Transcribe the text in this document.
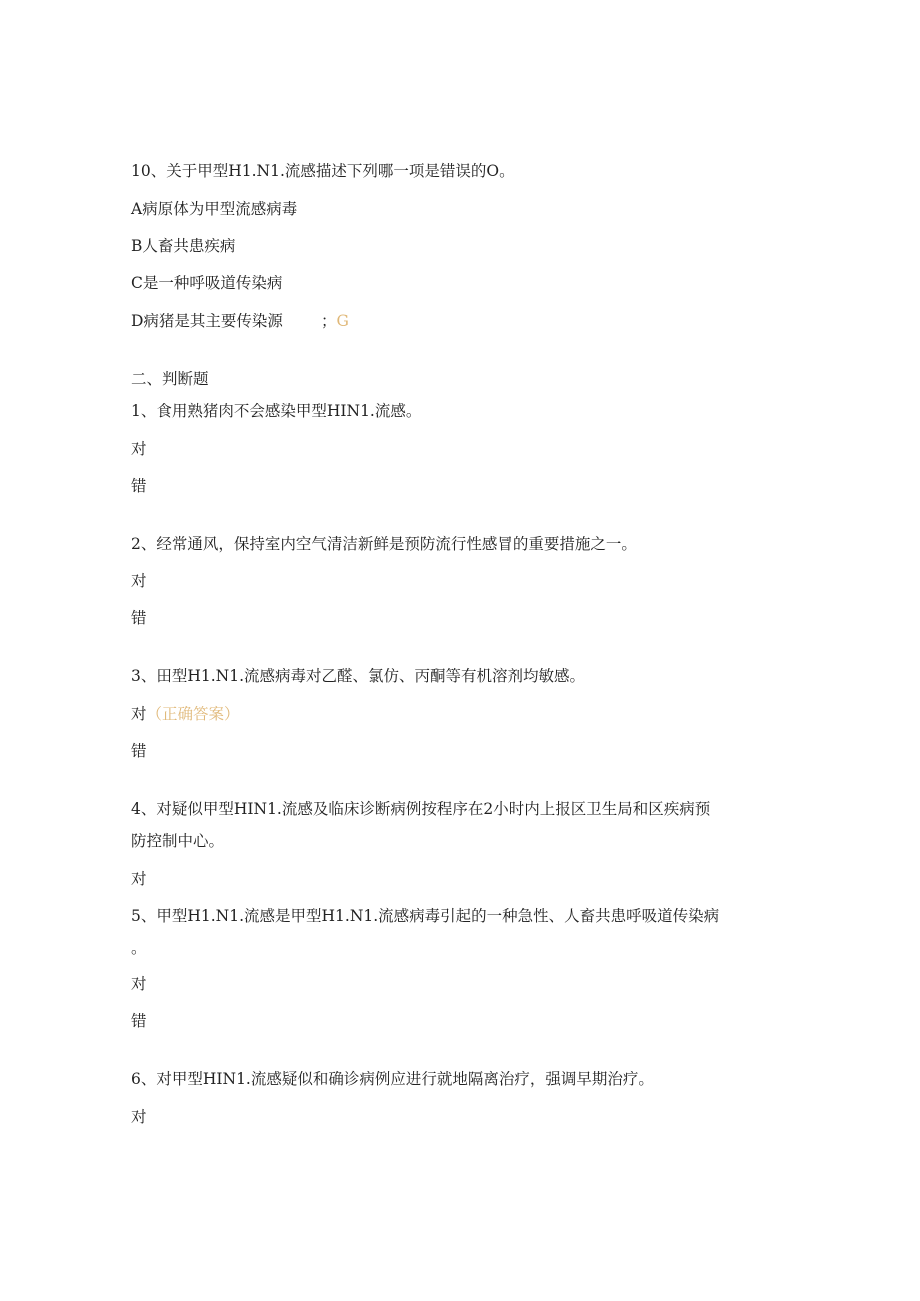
10、关于甲型H1.N1.流感描述下列哪一项是错误的O。
A病原体为甲型流感病毒
B人畜共患疾病
C是一种呼吸道传染病
D病猪是其主要传染源 ；G
二、判断题
1、食用熟猪肉不会感染甲型HIN1.流感。
对
错
2、经常通风，保持室内空气清洁新鲜是预防流行性感冒的重要措施之一。
对
错
3、田型H1.N1.流感病毒对乙醛、氯仿、丙酮等有机溶剂均敏感。
对（正确答案）
错
4、对疑似甲型HIN1.流感及临床诊断病例按程序在2小时内上报区卫生局和区疾病预
防控制中心。
对
5、甲型H1.N1.流感是甲型H1.N1.流感病毒引起的一种急性、人畜共患呼吸道传染病
。
对
错
6、对甲型HIN1.流感疑似和确诊病例应进行就地隔离治疗，强调早期治疗。
对
